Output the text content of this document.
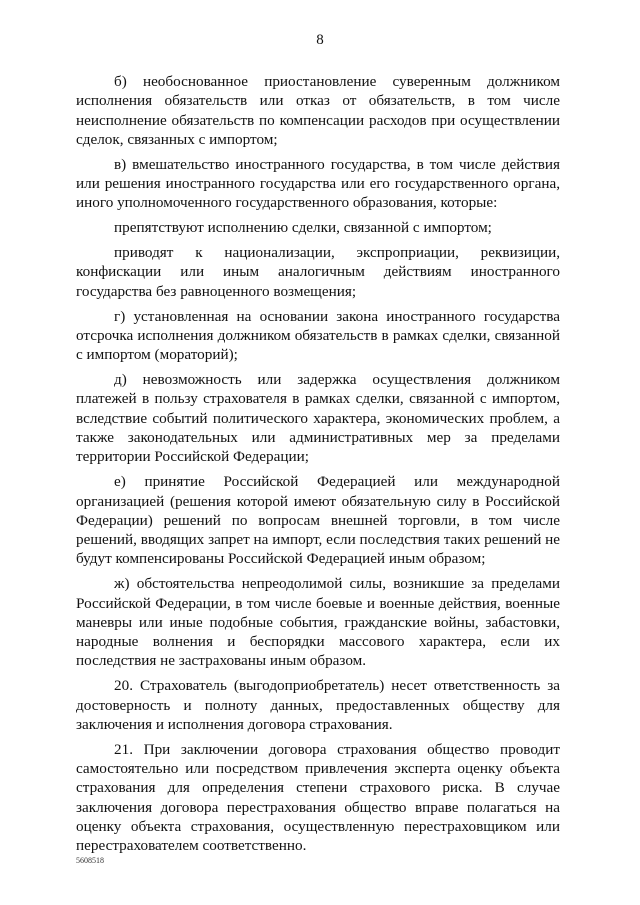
8

б) необоснованное приостановление суверенным должником исполнения обязательств или отказ от обязательств, в том числе неисполнение обязательств по компенсации расходов при осуществлении сделок, связанных с импортом;

в) вмешательство иностранного государства, в том числе действия или решения иностранного государства или его государственного органа, иного уполномоченного государственного образования, которые:

препятствуют исполнению сделки, связанной с импортом;

приводят к национализации, экспроприации, реквизиции, конфискации или иным аналогичным действиям иностранного государства без равноценного возмещения;

г) установленная на основании закона иностранного государства отсрочка исполнения должником обязательств в рамках сделки, связанной с импортом (мораторий);

д) невозможность или задержка осуществления должником платежей в пользу страхователя в рамках сделки, связанной с импортом, вследствие событий политического характера, экономических проблем, а также законодательных или административных мер за пределами территории Российской Федерации;

е) принятие Российской Федерацией или международной организацией (решения которой имеют обязательную силу в Российской Федерации) решений по вопросам внешней торговли, в том числе решений, вводящих запрет на импорт, если последствия таких решений не будут компенсированы Российской Федерацией иным образом;

ж) обстоятельства непреодолимой силы, возникшие за пределами Российской Федерации, в том числе боевые и военные действия, военные маневры или иные подобные события, гражданские войны, забастовки, народные волнения и беспорядки массового характера, если их последствия не застрахованы иным образом.

20. Страхователь (выгодоприобретатель) несет ответственность за достоверность и полноту данных, предоставленных обществу для заключения и исполнения договора страхования.

21. При заключении договора страхования общество проводит самостоятельно или посредством привлечения эксперта оценку объекта страхования для определения степени страхового риска. В случае заключения договора перестрахования общество вправе полагаться на оценку объекта страхования, осуществленную перестраховщиком или перестрахователем соответственно.

5608518
